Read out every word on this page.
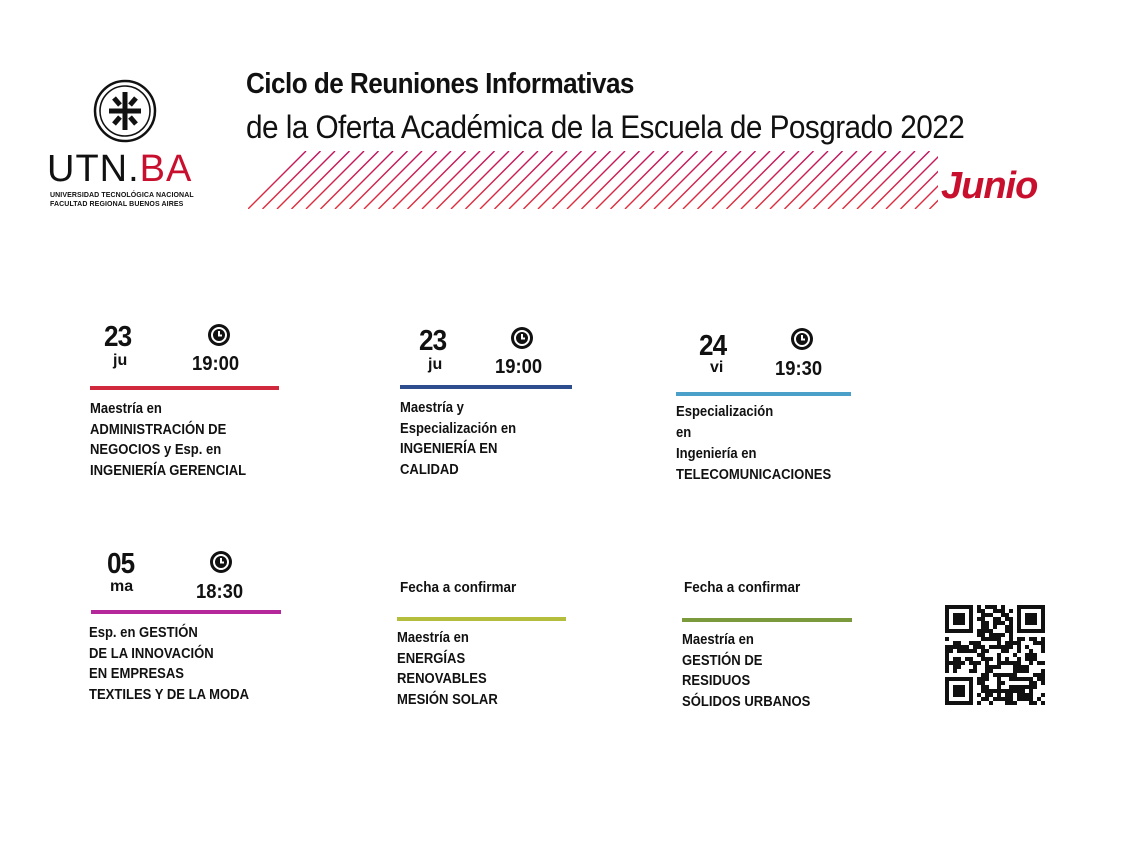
UTN.BA
UNIVERSIDAD TECNOLÓGICA NACIONAL
FACULTAD REGIONAL BUENOS AIRES
Ciclo de Reuniones Informativas
de la Oferta Académica de la Escuela de Posgrado 2022
Junio
23
ju	19:00
Maestría en
ADMINISTRACIÓN DE
NEGOCIOS y Esp. en
INGENIERÍA GERENCIAL
23
ju	19:00
Maestría y
Especialización en
INGENIERÍA EN
CALIDAD
24
vi	19:30
Especialización
en
Ingeniería en
TELECOMUNICACIONES
05
ma	18:30
Esp. en GESTIÓN
DE LA INNOVACIÓN
EN EMPRESAS
TEXTILES Y DE LA MODA
Fecha a confirmar
Maestría en
ENERGÍAS
RENOVABLES
MESIÓN SOLAR
Fecha a confirmar
Maestría en
GESTIÓN DE
RESIDUOS
SÓLIDOS URBANOS
